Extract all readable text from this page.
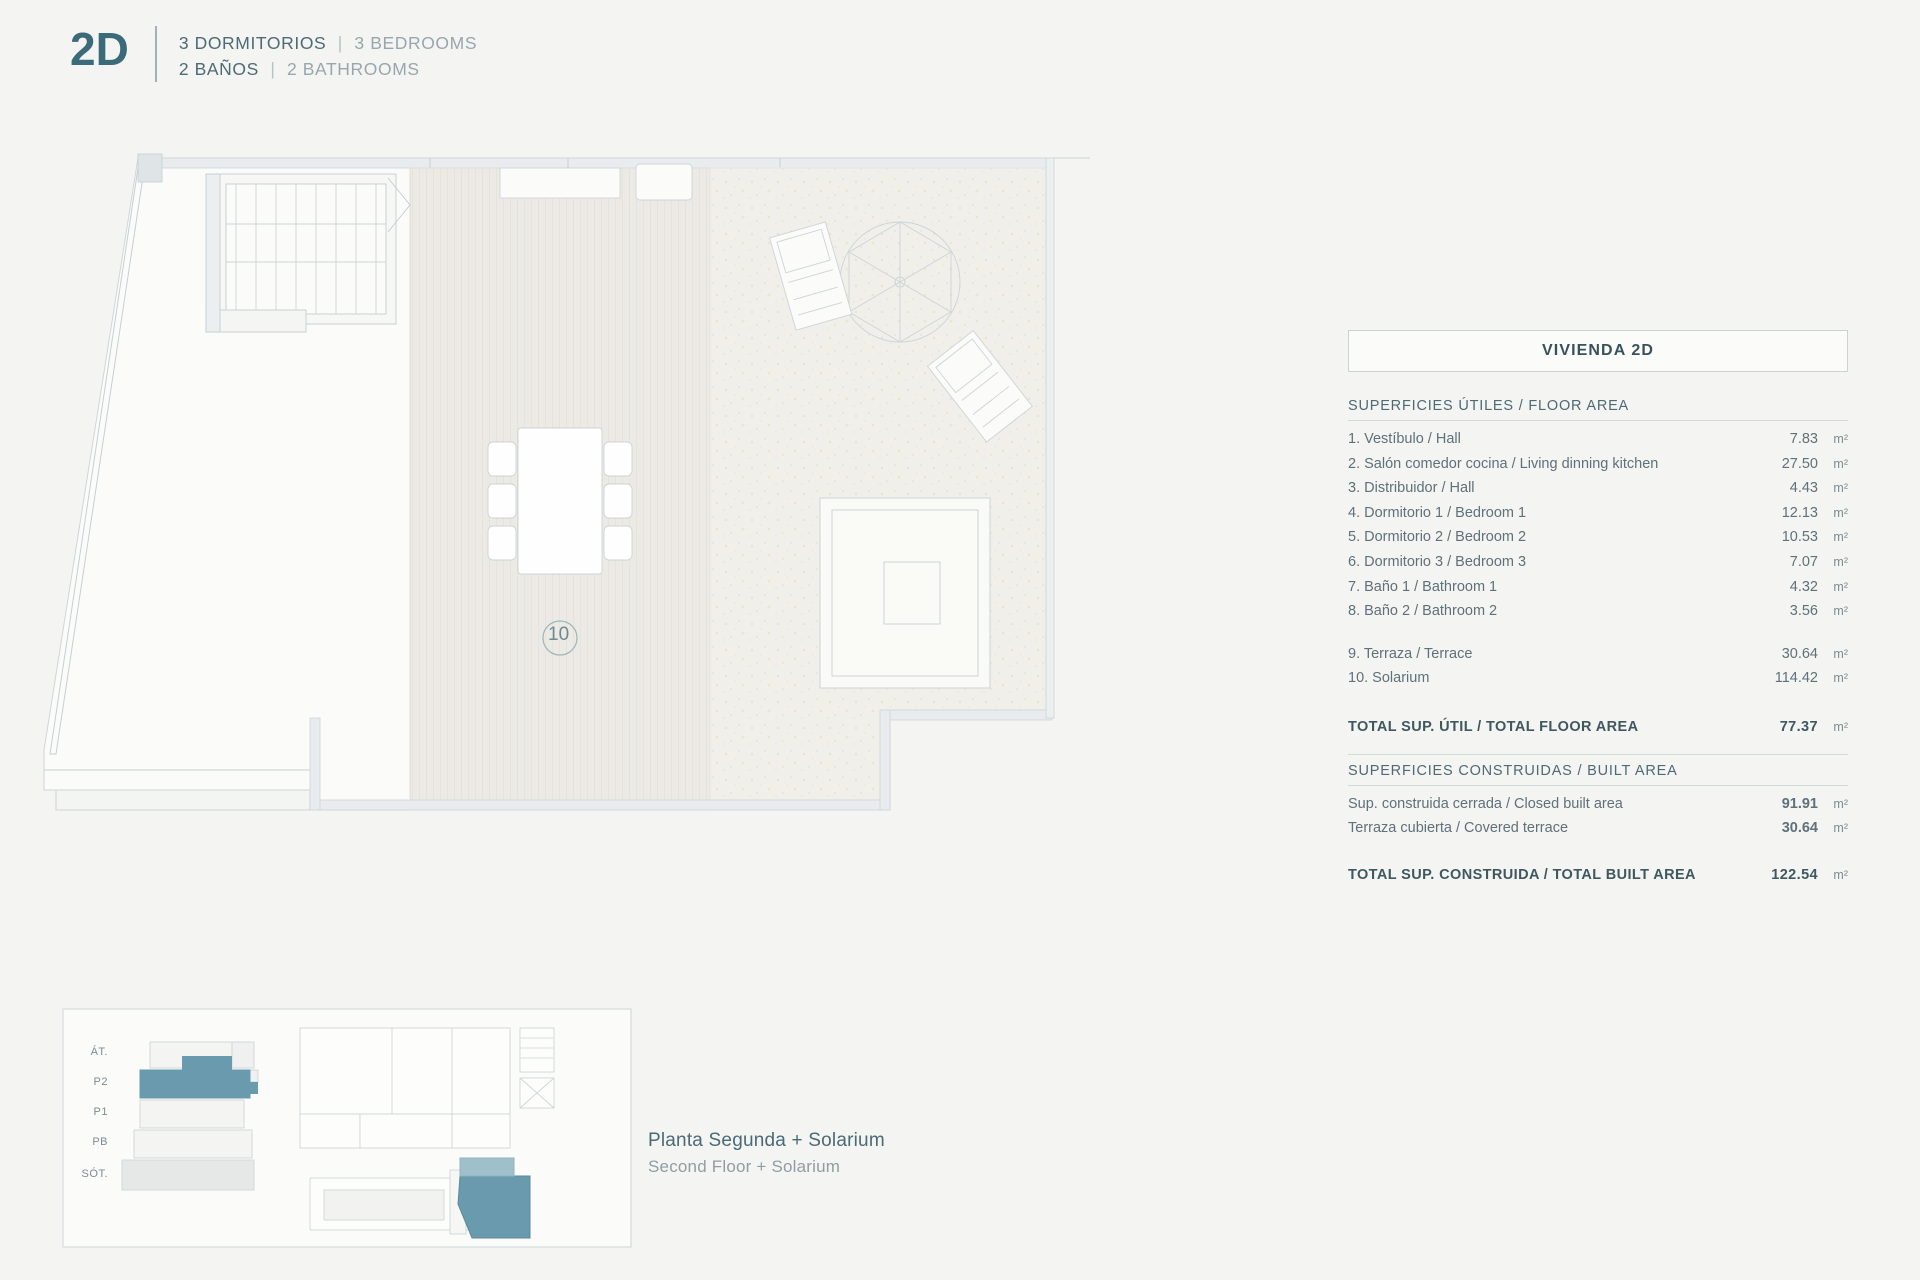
2D	3 DORMITORIOS | 3 BEDROOMS
2 BAÑOS | 2 BATHROOMS
10
VIVIENDA 2D
SUPERFICIES ÚTILES / FLOOR AREA
1. Vestíbulo / Hall	7.83	m²
2. Salón comedor cocina / Living dinning kitchen	27.50	m²
3. Distribuidor / Hall	4.43	m²
4. Dormitorio 1 / Bedroom 1	12.13	m²
5. Dormitorio 2 / Bedroom 2	10.53	m²
6. Dormitorio 3 / Bedroom 3	7.07	m²
7. Baño 1 / Bathroom 1	4.32	m²
8. Baño 2 / Bathroom 2	3.56	m²
9. Terraza / Terrace	30.64	m²
10. Solarium	114.42	m²
TOTAL SUP. ÚTIL / TOTAL FLOOR AREA	77.37	m²
SUPERFICIES CONSTRUIDAS / BUILT AREA
Sup. construida cerrada / Closed built area	91.91	m²
Terraza cubierta / Covered terrace	30.64	m²
TOTAL SUP. CONSTRUIDA / TOTAL BUILT AREA	122.54	m²
ÁT.
P2
P1
PB
SÓT.
Planta Segunda + Solarium
Second Floor + Solarium
